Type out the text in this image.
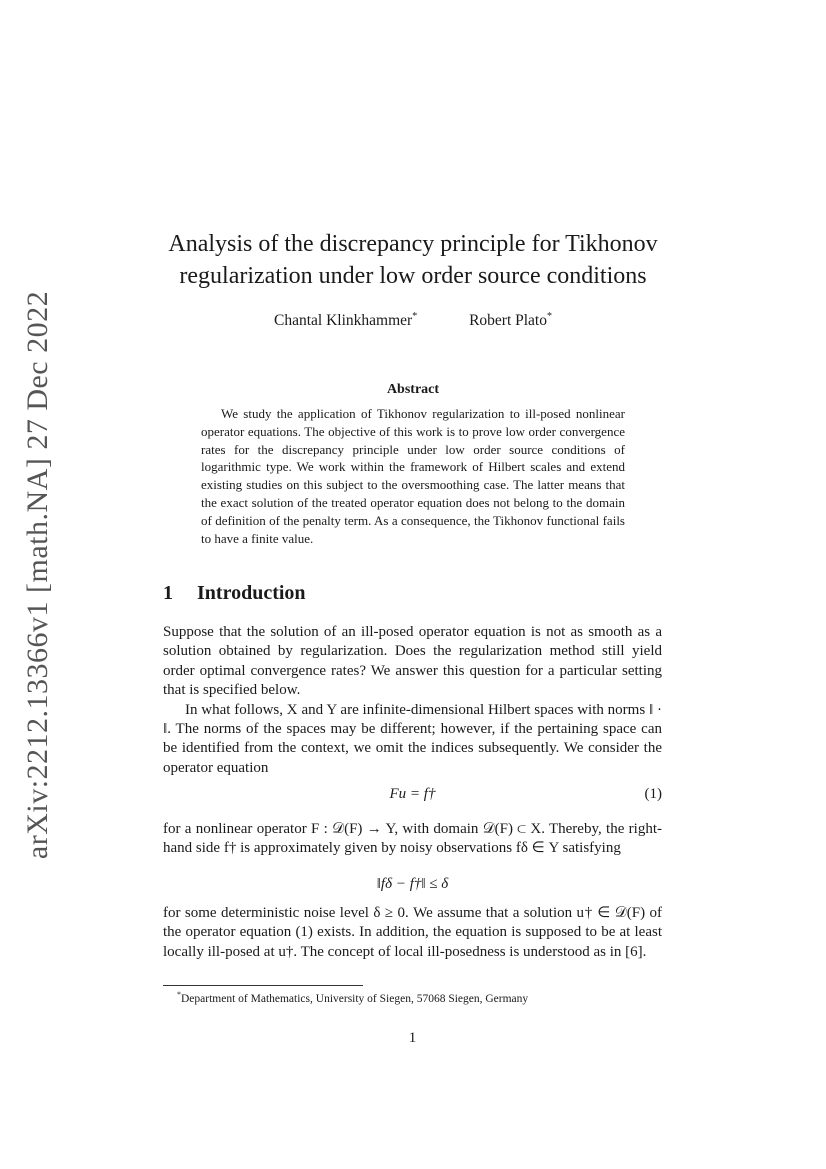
arXiv:2212.13366v1 [math.NA] 27 Dec 2022
Analysis of the discrepancy principle for Tikhonov
regularization under low order source conditions
Chantal Klinkhammer*	Robert Plato*
Abstract
We study the application of Tikhonov regularization to ill-posed nonlinear operator equations. The objective of this work is to prove low order convergence rates for the discrepancy principle under low order source conditions of logarithmic type. We work within the framework of Hilbert scales and extend existing studies on this subject to the oversmoothing case. The latter means that the exact solution of the treated operator equation does not belong to the domain of definition of the penalty term. As a consequence, the Tikhonov functional fails to have a finite value.
1 Introduction

Suppose that the solution of an ill-posed operator equation is not as smooth as a solution obtained by regularization. Does the regularization method still yield order optimal convergence rates? We answer this question for a particular setting that is specified below.

In what follows, X and Y are infinite-dimensional Hilbert spaces with norms ‖ · ‖. The norms of the spaces may be different; however, if the pertaining space can be identified from the context, we omit the indices subsequently. We consider the operator equation

Fu = f†	(1)

for a nonlinear operator F : 𝒟(F) → Y, with domain 𝒟(F) ⊂ X. Thereby, the right-hand side f† is approximately given by noisy observations fδ ∈ Y satisfying

‖fδ − f†‖ ≤ δ

for some deterministic noise level δ ≥ 0. We assume that a solution u† ∈ 𝒟(F) of the operator equation (1) exists. In addition, the equation is supposed to be at least locally ill-posed at u†. The concept of local ill-posedness is understood as in [6].

*Department of Mathematics, University of Siegen, 57068 Siegen, Germany
1
